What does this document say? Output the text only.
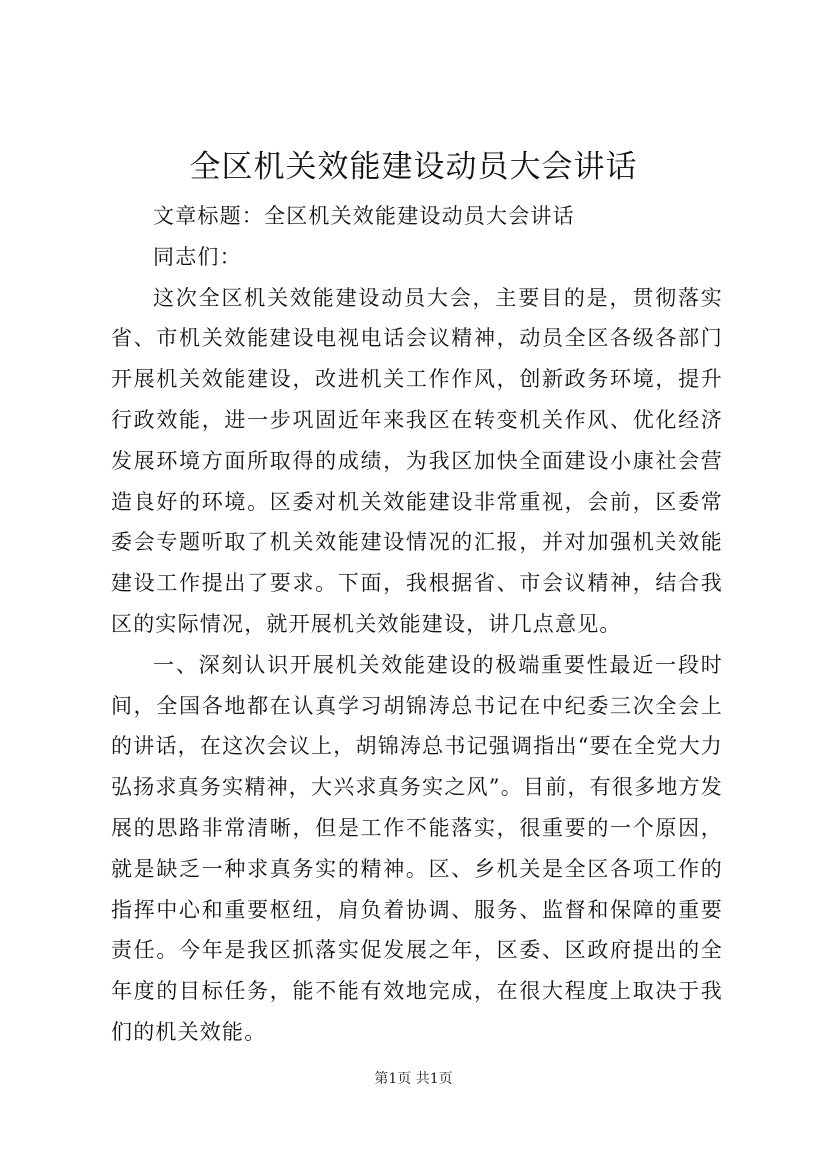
全区机关效能建设动员大会讲话

文章标题：全区机关效能建设动员大会讲话

同志们：

这次全区机关效能建设动员大会，主要目的是，贯彻落实省、市机关效能建设电视电话会议精神，动员全区各级各部门开展机关效能建设，改进机关工作作风，创新政务环境，提升行政效能，进一步巩固近年来我区在转变机关作风、优化经济发展环境方面所取得的成绩，为我区加快全面建设小康社会营造良好的环境。区委对机关效能建设非常重视，会前，区委常委会专题听取了机关效能建设情况的汇报，并对加强机关效能建设工作提出了要求。下面，我根据省、市会议精神，结合我区的实际情况，就开展机关效能建设，讲几点意见。

一、深刻认识开展机关效能建设的极端重要性最近一段时间，全国各地都在认真学习胡锦涛总书记在中纪委三次全会上的讲话，在这次会议上，胡锦涛总书记强调指出“要在全党大力弘扬求真务实精神，大兴求真务实之风”。目前，有很多地方发展的思路非常清晰，但是工作不能落实，很重要的一个原因，就是缺乏一种求真务实的精神。区、乡机关是全区各项工作的指挥中心和重要枢纽，肩负着协调、服务、监督和保障的重要责任。今年是我区抓落实促发展之年，区委、区政府提出的全年度的目标任务，能不能有效地完成，在很大程度上取决于我们的机关效能。

第1页 共1页
